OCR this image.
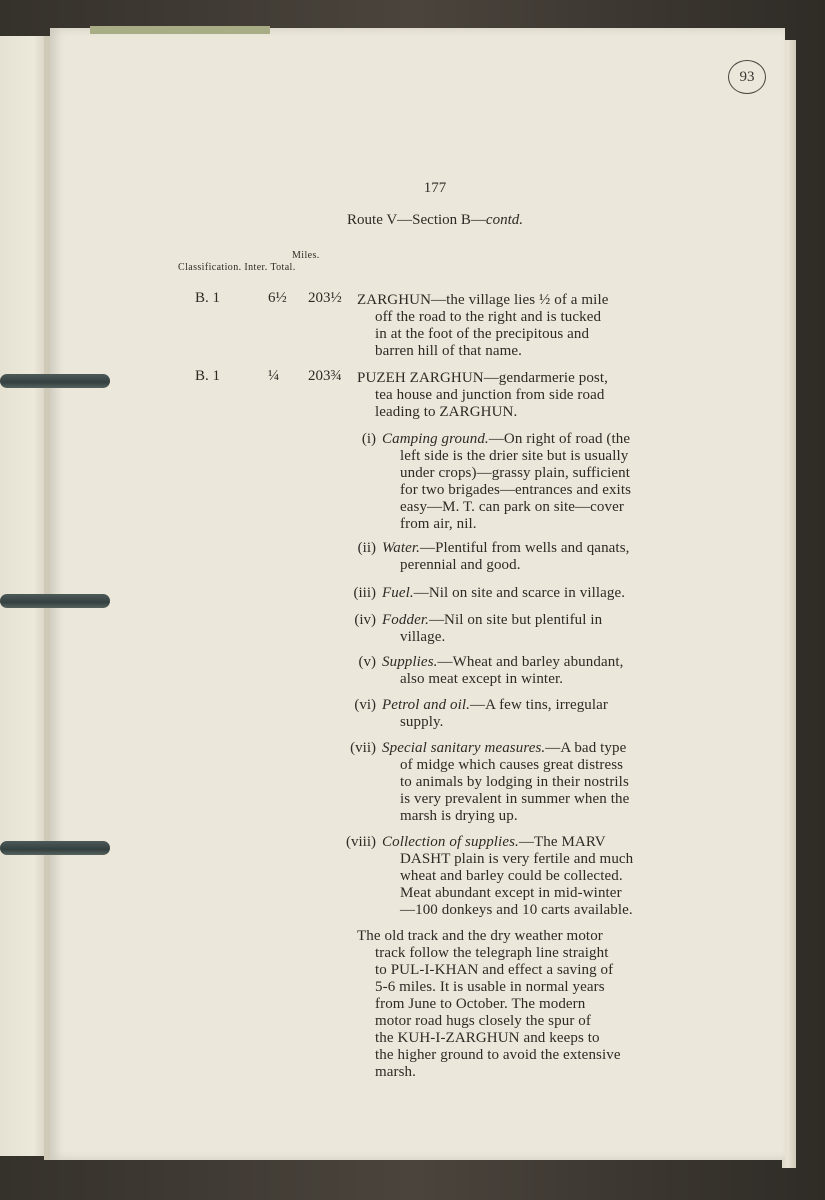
93
177
Route V—Section B—contd.
Miles.
Classification. Inter. Total.
B. 1	6½ 203½ ZARGHUN—the village lies ½ of a mile
off the road to the right and is tucked
in at the foot of the precipitous and
barren hill of that name.
B. 1	¼ 203¾ PUZEH ZARGHUN—gendarmerie post,
tea house and junction from side road
leading to ZARGHUN.
(i) Camping ground.—On right of road (the
left side is the drier site but is usually
under crops)—grassy plain, sufficient
for two brigades—entrances and exits
easy—M. T. can park on site—cover
from air, nil.
(ii) Water.—Plentiful from wells and qanats,
perennial and good.
(iii) Fuel.—Nil on site and scarce in village.
(iv) Fodder.—Nil on site but plentiful in
village.
(v) Supplies.—Wheat and barley abundant,
also meat except in winter.
(vi) Petrol and oil.—A few tins, irregular
supply.
(vii) Special sanitary measures.—A bad type
of midge which causes great distress
to animals by lodging in their nostrils
is very prevalent in summer when the
marsh is drying up.
(viii) Collection of supplies.—The MARV
DASHT plain is very fertile and much
wheat and barley could be collected.
Meat abundant except in mid-winter
—100 donkeys and 10 carts available.
The old track and the dry weather motor
track follow the telegraph line straight
to PUL-I-KHAN and effect a saving of
5-6 miles. It is usable in normal years
from June to October. The modern
motor road hugs closely the spur of
the KUH-I-ZARGHUN and keeps to
the higher ground to avoid the extensive
marsh.
